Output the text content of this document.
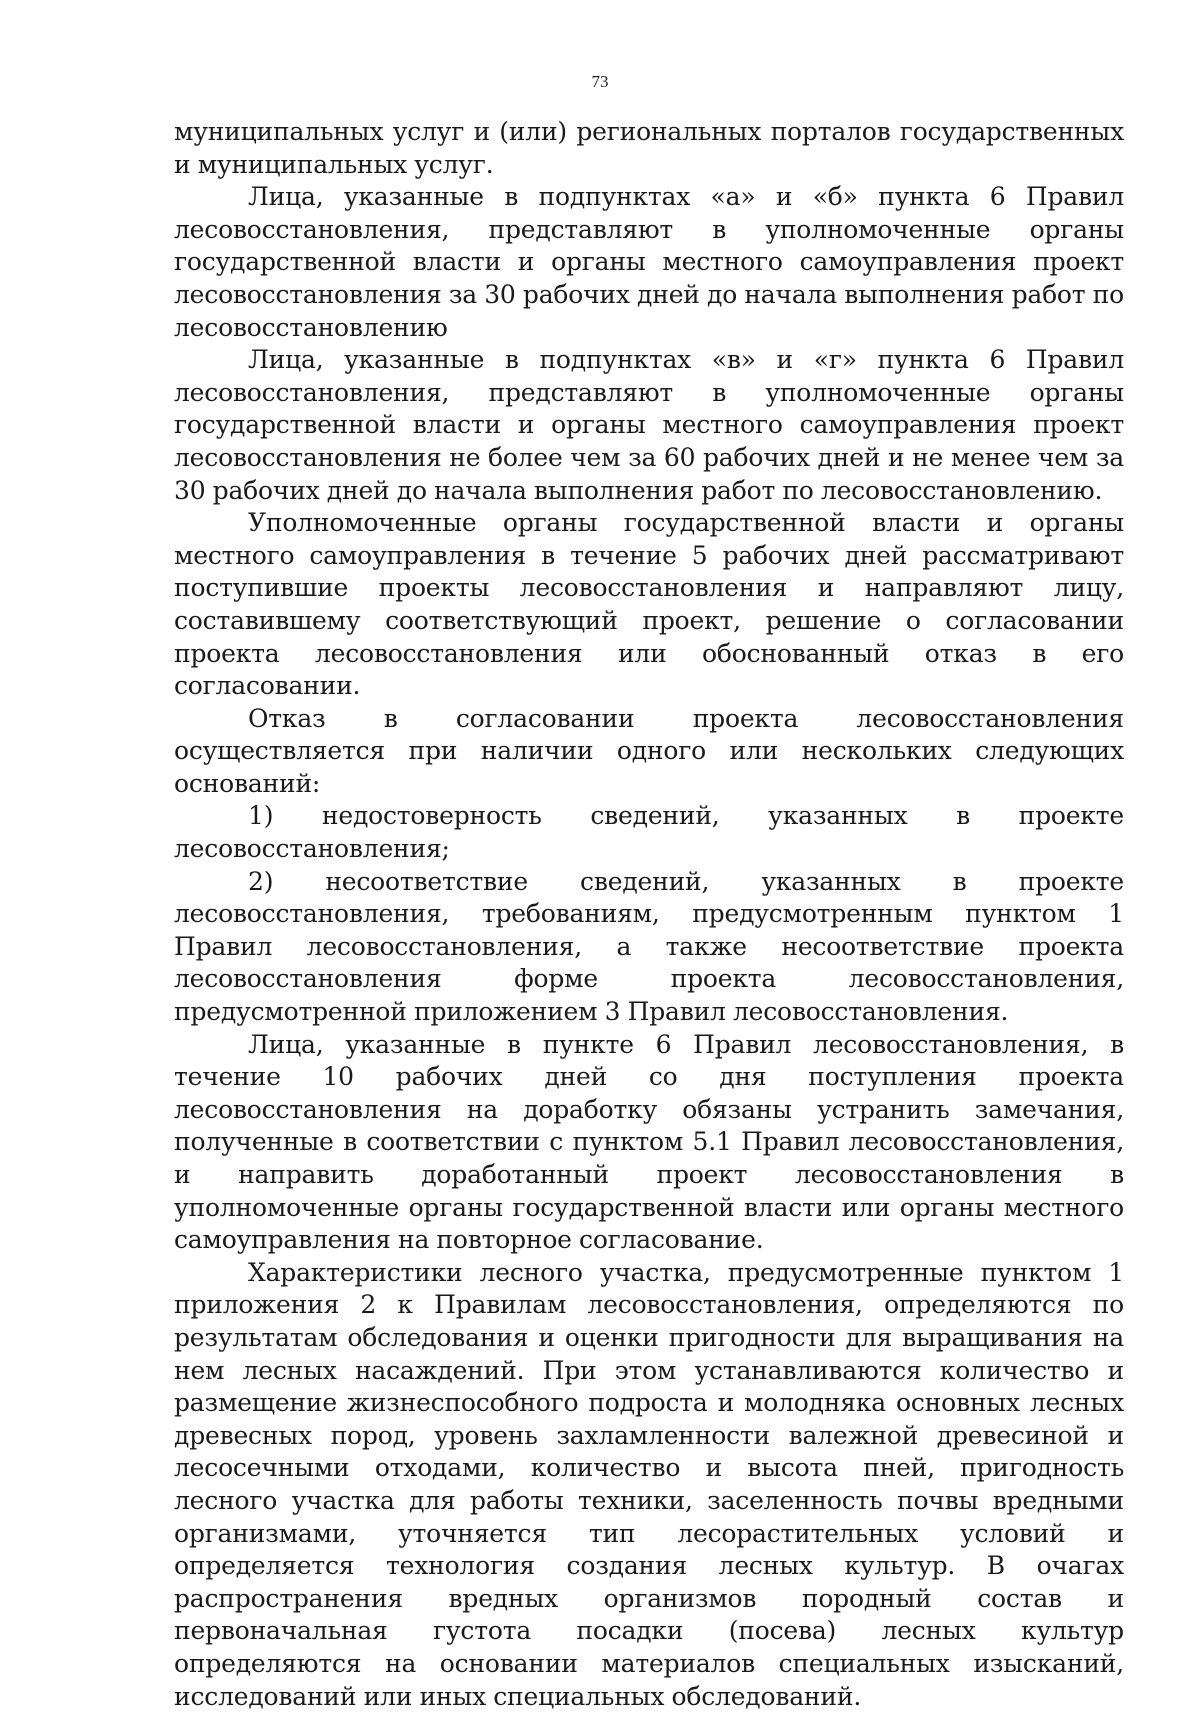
73

муниципальных услуг и (или) региональных порталов государственных и муниципальных услуг.

Лица, указанные в подпунктах «а» и «б» пункта 6 Правил лесовосстановления, представляют в уполномоченные органы государственной власти и органы местного самоуправления проект лесовосстановления за 30 рабочих дней до начала выполнения работ по лесовосстановлению

Лица, указанные в подпунктах «в» и «г» пункта 6 Правил лесовосстановления, представляют в уполномоченные органы государственной власти и органы местного самоуправления проект лесовосстановления не более чем за 60 рабочих дней и не менее чем за 30 рабочих дней до начала выполнения работ по лесовосстановлению.

Уполномоченные органы государственной власти и органы местного самоуправления в течение 5 рабочих дней рассматривают поступившие проекты лесовосстановления и направляют лицу, составившему соответствующий проект, решение о согласовании проекта лесовосстановления или обоснованный отказ в его согласовании.

Отказ в согласовании проекта лесовосстановления осуществляется при наличии одного или нескольких следующих оснований:

1) недостоверность сведений, указанных в проекте лесовосстановления;

2) несоответствие сведений, указанных в проекте лесовосстановления, требованиям, предусмотренным пунктом 1 Правил лесовосстановления, а также несоответствие проекта лесовосстановления форме проекта лесовосстановления, предусмотренной приложением 3 Правил лесовосстановления.

Лица, указанные в пункте 6 Правил лесовосстановления, в течение 10 рабочих дней со дня поступления проекта лесовосстановления на доработку обязаны устранить замечания, полученные в соответствии с пунктом 5.1 Правил лесовосстановления, и направить доработанный проект лесовосстановления в уполномоченные органы государственной власти или органы местного самоуправления на повторное согласование.

Характеристики лесного участка, предусмотренные пунктом 1 приложения 2 к Правилам лесовосстановления, определяются по результатам обследования и оценки пригодности для выращивания на нем лесных насаждений. При этом устанавливаются количество и размещение жизнеспособного подроста и молодняка основных лесных древесных пород, уровень захламленности валежной древесиной и лесосечными отходами, количество и высота пней, пригодность лесного участка для работы техники, заселенность почвы вредными организмами, уточняется тип лесорастительных условий и определяется технология создания лесных культур. В очагах распространения вредных организмов породный состав и первоначальная густота посадки (посева) лесных культур определяются на основании материалов специальных изысканий, исследований или иных специальных обследований.
